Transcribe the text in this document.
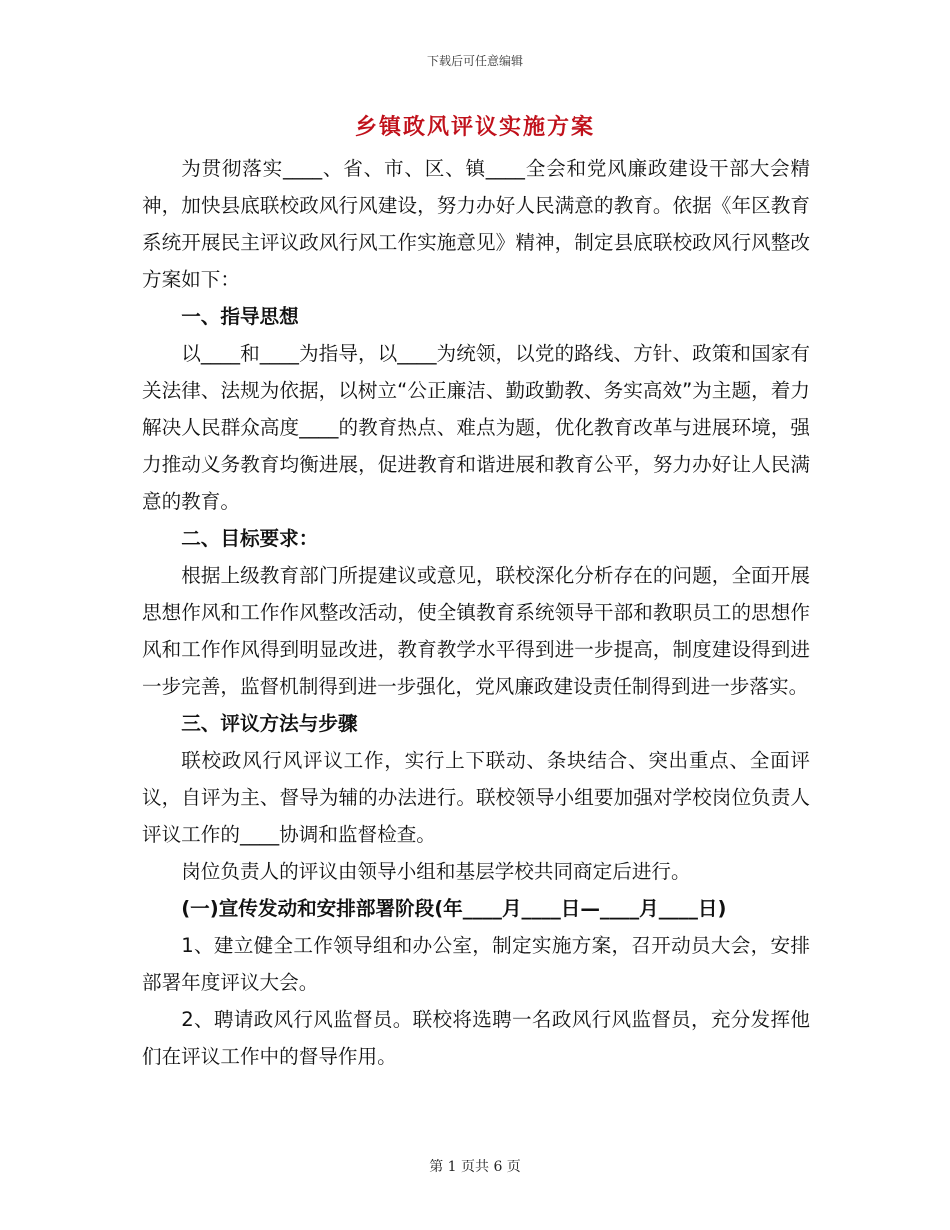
下载后可任意编辑
乡镇政风评议实施方案

为贯彻落实____、省、市、区、镇____全会和党风廉政建设干部大会精神，加快县底联校政风行风建设，努力办好人民满意的教育。依据《年区教育系统开展民主评议政风行风工作实施意见》精神，制定县底联校政风行风整改方案如下：

一、指导思想

以____和____为指导，以____为统领，以党的路线、方针、政策和国家有关法律、法规为依据，以树立“公正廉洁、勤政勤教、务实高效”为主题，着力解决人民群众高度____的教育热点、难点为题，优化教育改革与进展环境，强力推动义务教育均衡进展，促进教育和谐进展和教育公平，努力办好让人民满意的教育。

二、目标要求：

根据上级教育部门所提建议或意见，联校深化分析存在的问题，全面开展思想作风和工作作风整改活动，使全镇教育系统领导干部和教职员工的思想作风和工作作风得到明显改进，教育教学水平得到进一步提高，制度建设得到进一步完善，监督机制得到进一步强化，党风廉政建设责任制得到进一步落实。

三、评议方法与步骤

联校政风行风评议工作，实行上下联动、条块结合、突出重点、全面评议，自评为主、督导为辅的办法进行。联校领导小组要加强对学校岗位负责人评议工作的____协调和监督检查。

岗位负责人的评议由领导小组和基层学校共同商定后进行。

(一)宣传发动和安排部署阶段(年____月____日—____月____日)

1、建立健全工作领导组和办公室，制定实施方案，召开动员大会，安排部署年度评议大会。

2、聘请政风行风监督员。联校将选聘一名政风行风监督员，充分发挥他们在评议工作中的督导作用。

第 1 页共 6 页
